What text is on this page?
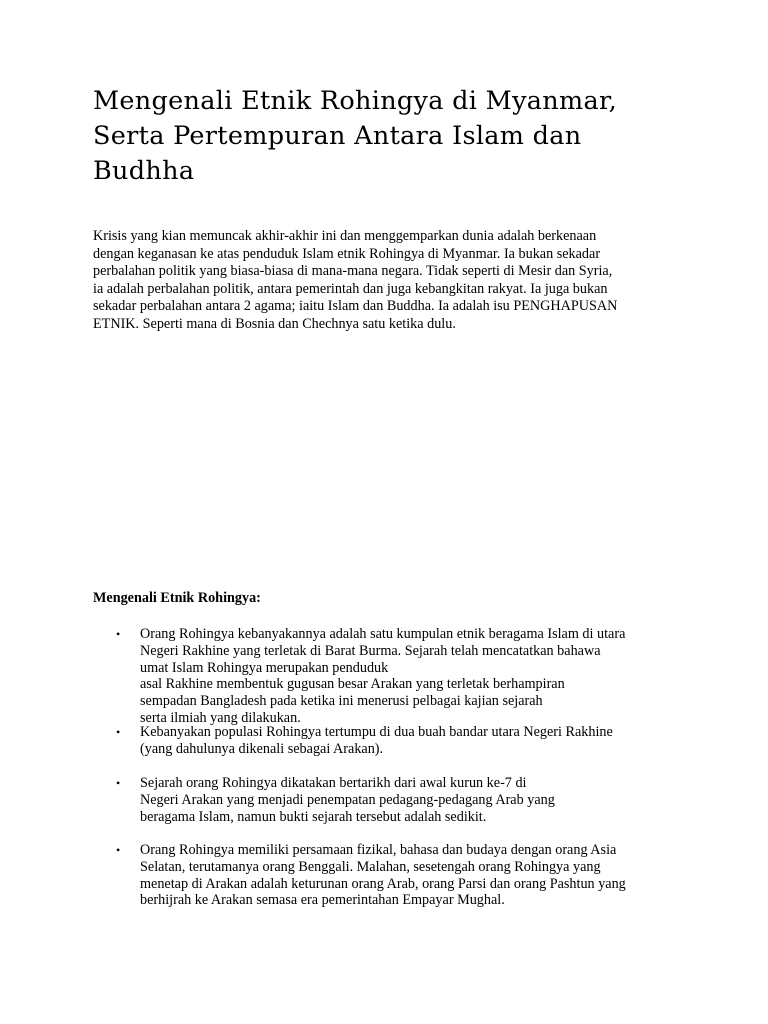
Mengenali Etnik Rohingya di Myanmar,
Serta Pertempuran Antara Islam dan
Budhha

Krisis yang kian memuncak akhir-akhir ini dan menggemparkan dunia adalah berkenaan
dengan keganasan ke atas penduduk Islam etnik Rohingya di Myanmar. Ia bukan sekadar
perbalahan politik yang biasa-biasa di mana-mana negara. Tidak seperti di Mesir dan Syria,
ia adalah perbalahan politik, antara pemerintah dan juga kebangkitan rakyat. Ia juga bukan
sekadar perbalahan antara 2 agama; iaitu Islam dan Buddha. Ia adalah isu PENGHAPUSAN
ETNIK. Seperti mana di Bosnia dan Chechnya satu ketika dulu.

Mengenali Etnik Rohingya:
• Orang Rohingya kebanyakannya adalah satu kumpulan etnik beragama Islam di utara
Negeri Rakhine yang terletak di Barat Burma. Sejarah telah mencatatkan bahawa
umat Islam Rohingya merupakan penduduk
asal Rakhine membentuk gugusan besar Arakan yang terletak berhampiran
sempadan Bangladesh pada ketika ini menerusi pelbagai kajian sejarah
serta ilmiah yang dilakukan.
• Kebanyakan populasi Rohingya tertumpu di dua buah bandar utara Negeri Rakhine
(yang dahulunya dikenali sebagai Arakan).
• Sejarah orang Rohingya dikatakan bertarikh dari awal kurun ke-7 di
Negeri Arakan yang menjadi penempatan pedagang-pedagang Arab yang
beragama Islam, namun bukti sejarah tersebut adalah sedikit.
• Orang Rohingya memiliki persamaan fizikal, bahasa dan budaya dengan orang Asia
Selatan, terutamanya orang Benggali. Malahan, sesetengah orang Rohingya yang
menetap di Arakan adalah keturunan orang Arab, orang Parsi dan orang Pashtun yang
berhijrah ke Arakan semasa era pemerintahan Empayar Mughal.
